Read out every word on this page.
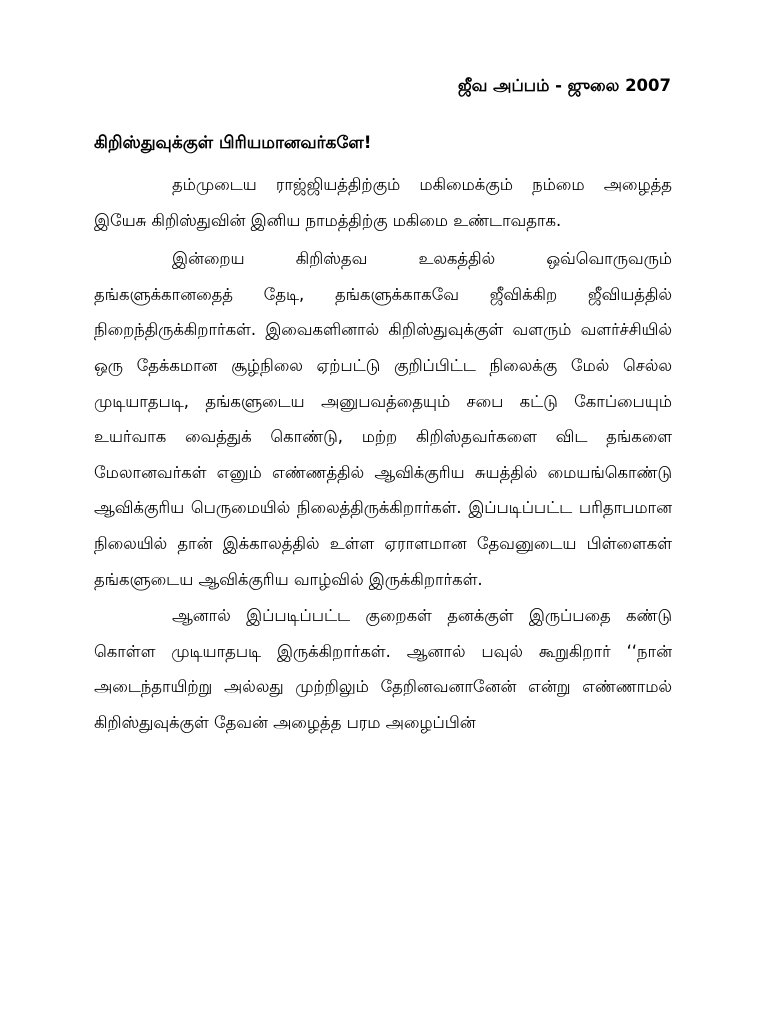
ஜீவ அப்பம் - ஜுலை 2007
கிறிஸ்துவுக்குள் பிரியமானவர்களே!

தம்முடைய ராஜ்ஜியத்திற்கும் மகிமைக்கும் நம்மை அழைத்த இயேசு கிறிஸ்துவின் இனிய நாமத்திற்கு மகிமை உண்டாவதாக.

இன்றைய கிறிஸ்தவ உலகத்தில் ஒவ்வொருவரும் தங்களுக்கானதைத் தேடி, தங்களுக்காகவே ஜீவிக்கிற ஜீவியத்தில் நிறைந்திருக்கிறார்கள். இவைகளினால் கிறிஸ்துவுக்குள் வளரும் வளர்ச்சியில் ஒரு தேக்கமான சூழ்நிலை ஏற்பட்டு குறிப்பிட்ட நிலைக்கு மேல் செல்ல முடியாதபடி, தங்களுடைய அனுபவத்தையும் சபை கட்டு கோப்பையும் உயர்வாக வைத்துக் கொண்டு, மற்ற கிறிஸ்தவர்களை விட தங்களை மேலானவர்கள் எனும் எண்ணத்தில் ஆவிக்குரிய சுயத்தில் மையங்கொண்டு ஆவிக்குரிய பெருமையில் நிலைத்திருக்கிறார்கள். இப்படிப்பட்ட பரிதாபமான நிலையில் தான் இக்காலத்தில் உள்ள ஏராளமான தேவனுடைய பிள்ளைகள் தங்களுடைய ஆவிக்குரிய வாழ்வில் இருக்கிறார்கள்.

ஆனால் இப்படிப்பட்ட குறைகள் தனக்குள் இருப்பதை கண்டு கொள்ள முடியாதபடி இருக்கிறார்கள். ஆனால் பவுல் கூறுகிறார் ‘‘நான் அடைந்தாயிற்று அல்லது முற்றிலும் தேறினவனானேன் என்று எண்ணாமல் கிறிஸ்துவுக்குள் தேவன் அழைத்த பரம அழைப்பின்
